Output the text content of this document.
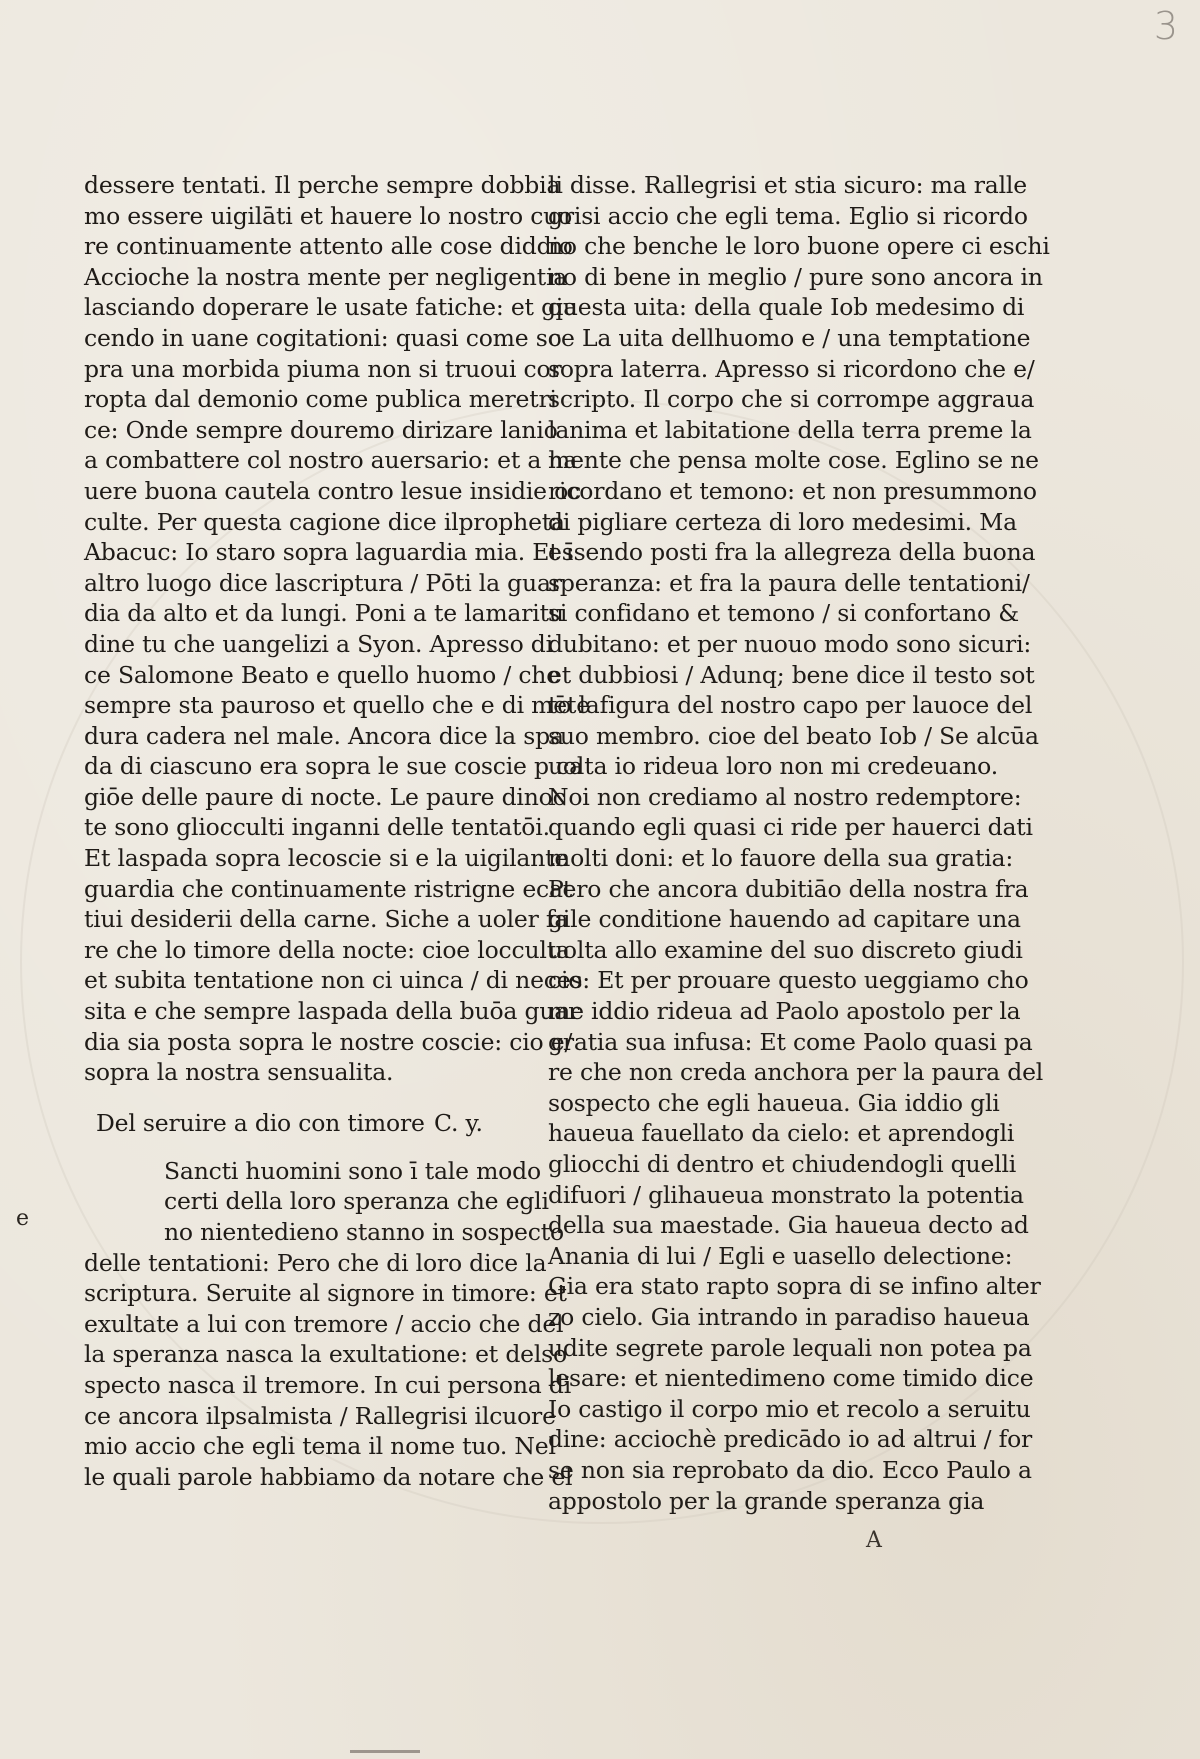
3
dessere tentati. Il perche sempre dobbia
mo essere uigilāti et hauere lo nostro cuo
re continuamente attento alle cose diddio
Accioche la nostra mente per negligentia
lasciando doperare le usate fatiche: et gia
cendo in uane cogitationi: quasi come so
pra una morbida piuma non si truoui cor
ropta dal demonio come publica meretri
ce: Onde sempre douremo dirizare lanio
a combattere col nostro auersario: et a ha
uere buona cautela contro lesue insidie oc
culte. Per questa cagione dice ilpropheta
Abacuc: Io staro sopra laguardia mia. Et ī
altro luogo dice lascriptura / Pōti la guar
dia da alto et da lungi. Poni a te lamaritu
dine tu che uangelizi a Syon. Apresso di
ce Salomone Beato e quello huomo / che
sempre sta pauroso et quello che e di mēte
dura cadera nel male. Ancora dice la spa
da di ciascuno era sopra le sue coscie p ca
giōe delle paure di nocte. Le paure dinoc
te sono gliocculti inganni delle tentatōi.
Et laspada sopra lecoscie si e la uigilante
guardia che continuamente ristrigne ecat
tiui desiderii della carne. Siche a uoler fa
re che lo timore della nocte: cioe locculta
et subita tentatione non ci uinca / di neces
sita e che sempre laspada della buōa guar
dia sia posta sopra le nostre coscie: cio e/
sopra la nostra sensualita.
Del seruire a dio con timore C. y.
Sancti huomini sono ī tale modo
certi della loro speranza che egli
no nientedieno stanno in sospecto
delle tentationi: Pero che di loro dice la
scriptura. Seruite al signore in timore: et
exultate a lui con tremore / accio che del
la speranza nasca la exultatione: et delso
specto nasca il tremore. In cui persona di
ce ancora ilpsalmista / Rallegrisi ilcuore
mio accio che egli tema il nome tuo. Nel
le quali parole habbiamo da notare che el
e
li disse. Rallegrisi et stia sicuro: ma ralle
grisi accio che egli tema. Eglio si ricordo
no che benche le loro buone opere ci eschi
no di bene in meglio / pure sono ancora in
questa uita: della quale Iob medesimo di
ce La uita dellhuomo e / una temptatione
sopra laterra. Apresso si ricordono che e/
scripto. Il corpo che si corrompe aggraua
lanima et labitatione della terra preme la
mente che pensa molte cose. Eglino se ne
ricordano et temono: et non presummono
di pigliare certeza di loro medesimi. Ma
essendo posti fra la allegreza della buona
speranza: et fra la paura delle tentationi/
si confidano et temono / si confortano &
dubitano: et per nuouo modo sono sicuri:
et dubbiosi / Adunq; bene dice il testo sot
to lafigura del nostro capo per lauoce del
suo membro. cioe del beato Iob / Se alcūa
uolta io rideua loro non mi credeuano.
Noi non crediamo al nostro redemptore:
quando egli quasi ci ride per hauerci dati
molti doni: et lo fauore della sua gratia:
Pero che ancora dubitiāo della nostra fra
gile conditione hauendo ad capitare una
uolta allo examine del suo discreto giudi
cio: Et per prouare questo ueggiamo cho
me iddio rideua ad Paolo apostolo per la
gratia sua infusa: Et come Paolo quasi pa
re che non creda anchora per la paura del
sospecto che egli haueua. Gia iddio gli
haueua fauellato da cielo: et aprendogli
gliocchi di dentro et chiudendogli quelli
difuori / glihaueua monstrato la potentia
della sua maestade. Gia haueua decto ad
Anania di lui / Egli e uasello delectione:
Gia era stato rapto sopra di se infino alter
zo cielo. Gia intrando in paradiso haueua
udite segrete parole lequali non potea pa
lesare: et nientedimeno come timido dice
Io castigo il corpo mio et recolo a seruitu
dine: acciochè predicādo io ad altrui / for
se non sia reprobato da dio. Ecco Paulo a
appostolo per la grande speranza gia
A
